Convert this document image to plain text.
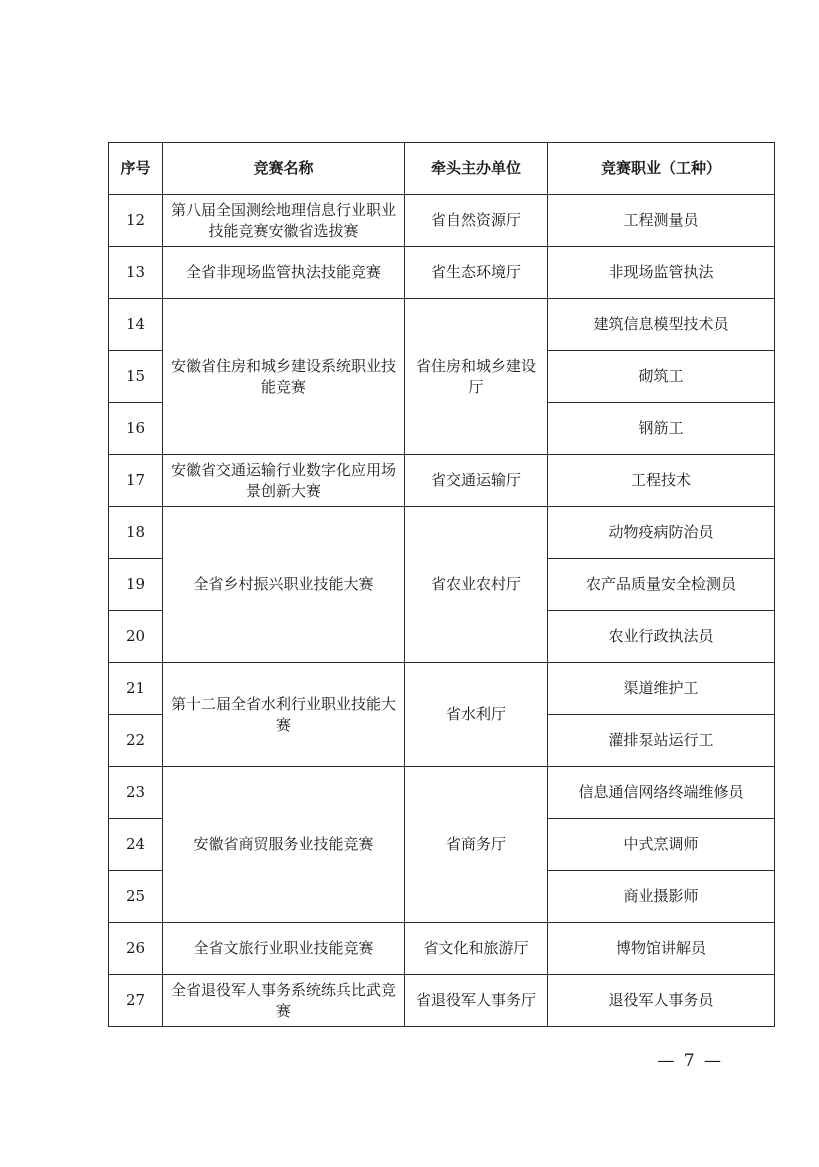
序号	竞赛名称	牵头主办单位	竞赛职业（工种）
12	第八届全国测绘地理信息行业职业技能竞赛安徽省选拔赛	省自然资源厅	工程测量员
13	全省非现场监管执法技能竞赛	省生态环境厅	非现场监管执法
14	安徽省住房和城乡建设系统职业技能竞赛	省住房和城乡建设厅	建筑信息模型技术员
15			砌筑工
16			钢筋工
17	安徽省交通运输行业数字化应用场景创新大赛	省交通运输厅	工程技术
18	全省乡村振兴职业技能大赛	省农业农村厅	动物疫病防治员
19			农产品质量安全检测员
20			农业行政执法员
21	第十二届全省水利行业职业技能大赛	省水利厅	渠道维护工
22			灌排泵站运行工
23	安徽省商贸服务业技能竞赛	省商务厅	信息通信网络终端维修员
24			中式烹调师
25			商业摄影师
26	全省文旅行业职业技能竞赛	省文化和旅游厅	博物馆讲解员
27	全省退役军人事务系统练兵比武竞赛	省退役军人事务厅	退役军人事务员
— 7 —
